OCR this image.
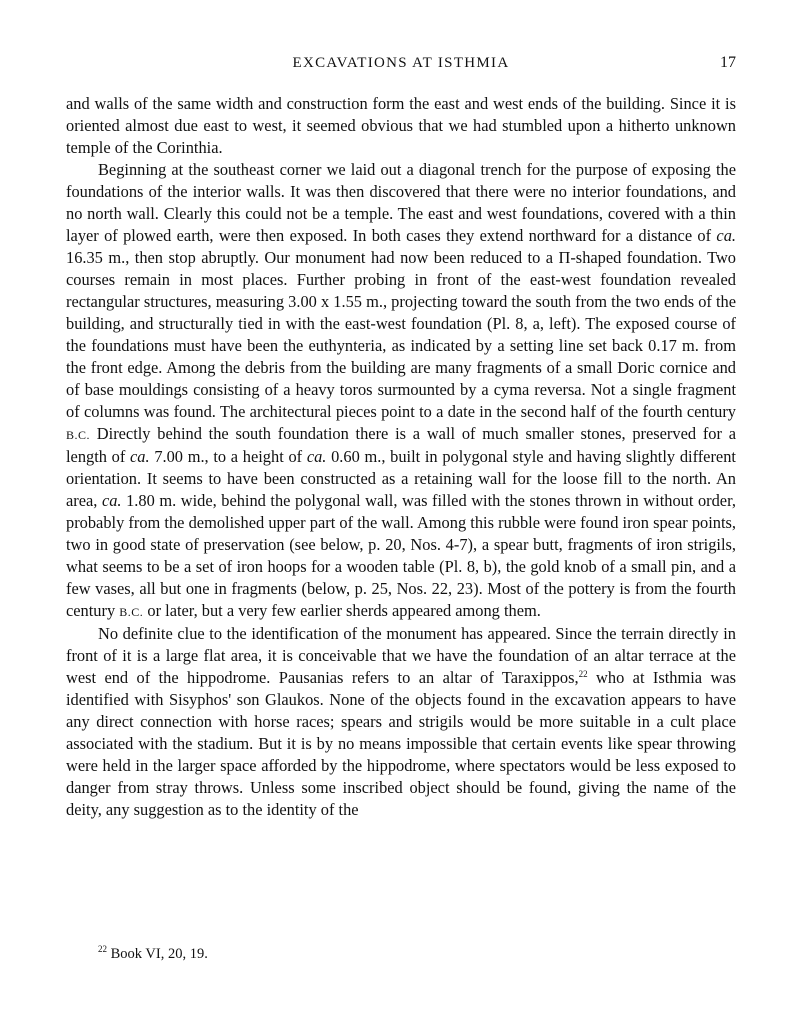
EXCAVATIONS AT ISTHMIA	17

and walls of the same width and construction form the east and west ends of the building. Since it is oriented almost due east to west, it seemed obvious that we had stumbled upon a hitherto unknown temple of the Corinthia.

Beginning at the southeast corner we laid out a diagonal trench for the purpose of exposing the foundations of the interior walls. It was then discovered that there were no interior foundations, and no north wall. Clearly this could not be a temple. The east and west foundations, covered with a thin layer of plowed earth, were then exposed. In both cases they extend northward for a distance of ca. 16.35 m., then stop abruptly. Our monument had now been reduced to a Π-shaped foundation. Two courses remain in most places. Further probing in front of the east-west foundation revealed rectangular structures, measuring 3.00 x 1.55 m., projecting toward the south from the two ends of the building, and structurally tied in with the east-west foundation (Pl. 8, a, left). The exposed course of the foundations must have been the euthynteria, as indicated by a setting line set back 0.17 m. from the front edge. Among the debris from the building are many fragments of a small Doric cornice and of base mouldings consisting of a heavy toros surmounted by a cyma reversa. Not a single fragment of columns was found. The architectural pieces point to a date in the second half of the fourth century B.C. Directly behind the south foundation there is a wall of much smaller stones, preserved for a length of ca. 7.00 m., to a height of ca. 0.60 m., built in polygonal style and having slightly different orientation. It seems to have been constructed as a retaining wall for the loose fill to the north. An area, ca. 1.80 m. wide, behind the polygonal wall, was filled with the stones thrown in without order, probably from the demolished upper part of the wall. Among this rubble were found iron spear points, two in good state of preservation (see below, p. 20, Nos. 4-7), a spear butt, fragments of iron strigils, what seems to be a set of iron hoops for a wooden table (Pl. 8, b), the gold knob of a small pin, and a few vases, all but one in fragments (below, p. 25, Nos. 22, 23). Most of the pottery is from the fourth century B.C. or later, but a very few earlier sherds appeared among them.

No definite clue to the identification of the monument has appeared. Since the terrain directly in front of it is a large flat area, it is conceivable that we have the foundation of an altar terrace at the west end of the hippodrome. Pausanias refers to an altar of Taraxippos,$^{22}$ who at Isthmia was identified with Sisyphos' son Glaukos. None of the objects found in the excavation appears to have any direct connection with horse races; spears and strigils would be more suitable in a cult place associated with the stadium. But it is by no means impossible that certain events like spear throwing were held in the larger space afforded by the hippodrome, where spectators would be less exposed to danger from stray throws. Unless some inscribed object should be found, giving the name of the deity, any suggestion as to the identity of the

$^{22}$ Book VI, 20, 19.
